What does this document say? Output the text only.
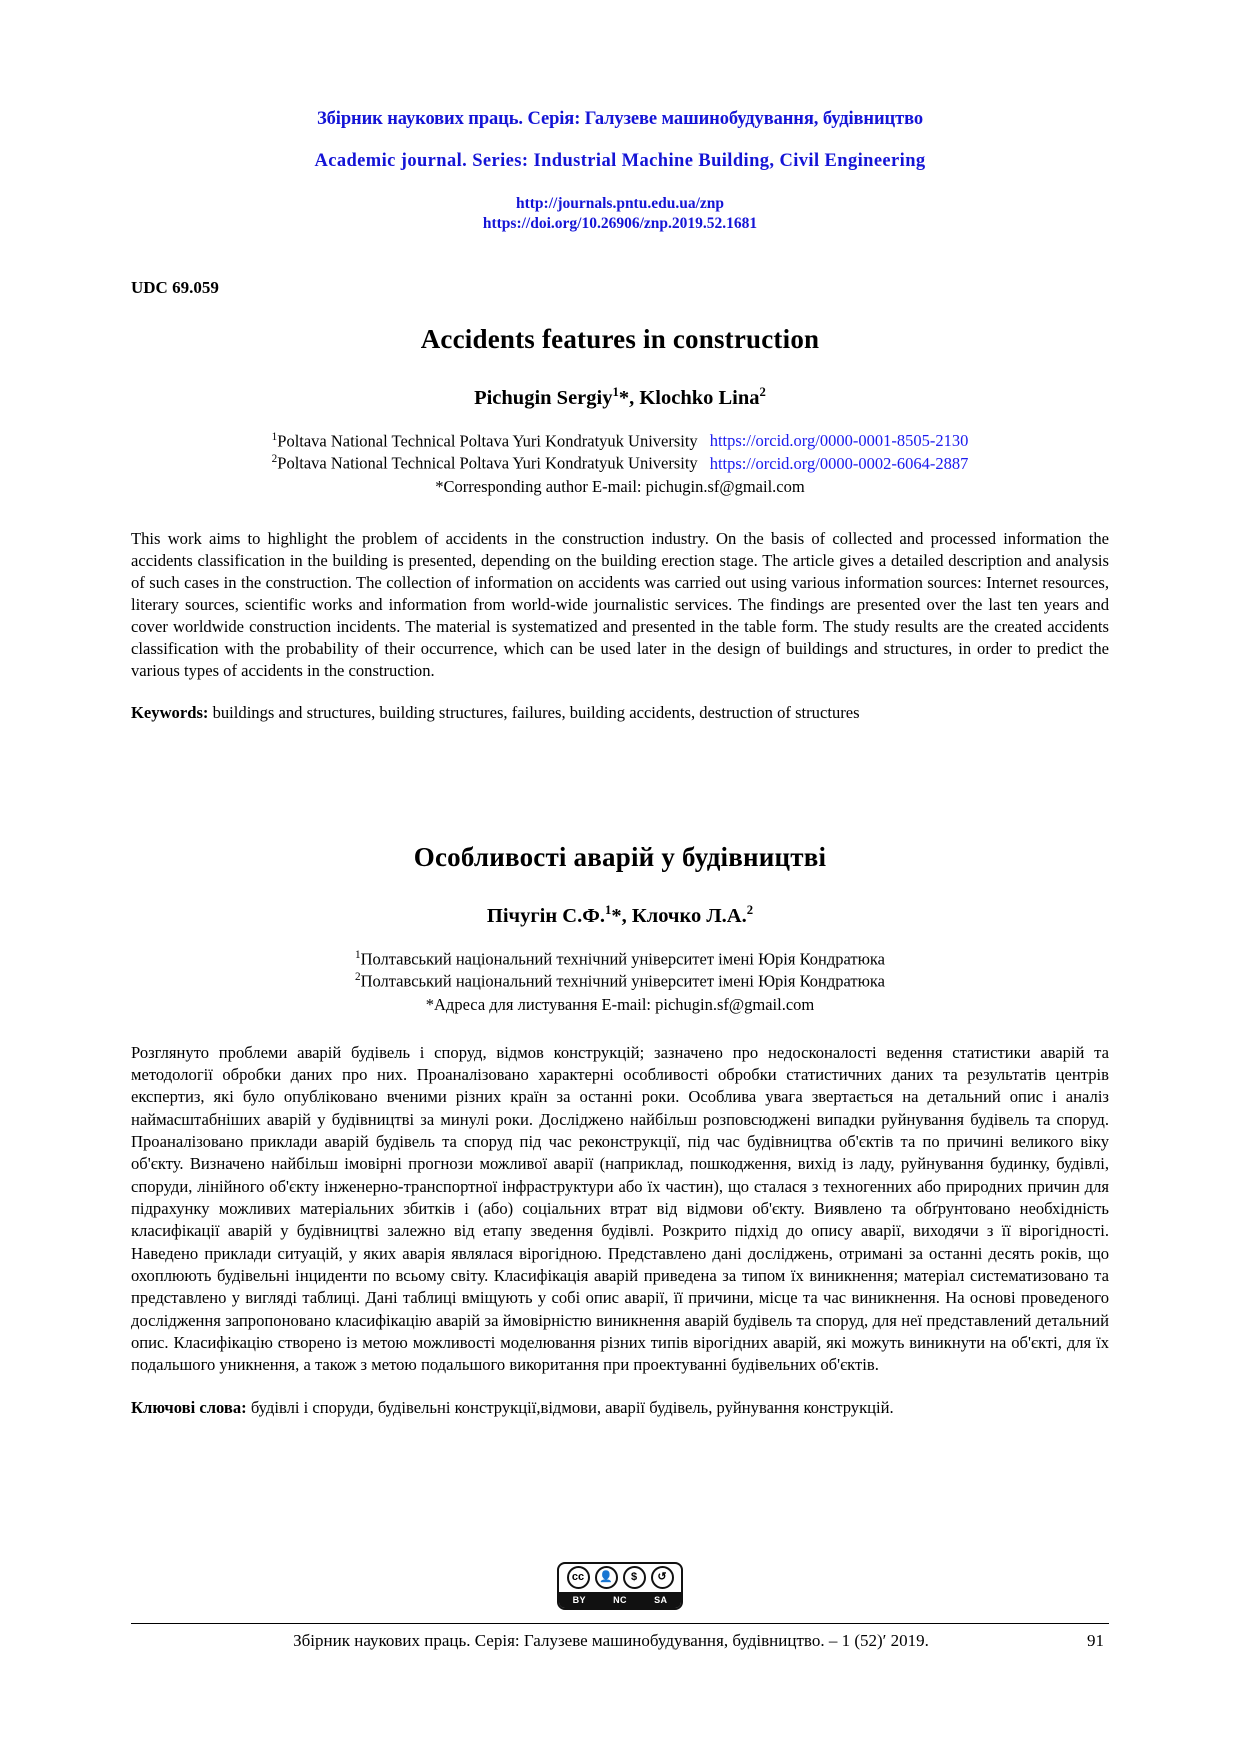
Збірник наукових праць. Серія: Галузеве машинобудування, будівництво
Academic journal. Series: Industrial Machine Building, Civil Engineering
http://journals.pntu.edu.ua/znp
https://doi.org/10.26906/znp.2019.52.1681
UDC 69.059
Accidents features in construction
Pichugin Sergiy$^1$*, Klochko Lina$^2$
$^1$Poltava National Technical Poltava Yuri Kondratyuk University https://orcid.org/0000-0001-8505-2130
$^2$Poltava National Technical Poltava Yuri Kondratyuk University https://orcid.org/0000-0002-6064-2887
*Corresponding author E-mail: pichugin.sf@gmail.com
This work aims to highlight the problem of accidents in the construction industry. On the basis of collected and processed information the accidents classification in the building is presented, depending on the building erection stage. The article gives a detailed description and analysis of such cases in the construction. The collection of information on accidents was carried out using various information sources: Internet resources, literary sources, scientific works and information from world-wide journalistic services. The findings are presented over the last ten years and cover worldwide construction incidents. The material is systematized and presented in the table form. The study results are the created accidents classification with the probability of their occurrence, which can be used later in the design of buildings and structures, in order to predict the various types of accidents in the construction.
Keywords: buildings and structures, building structures, failures, building accidents, destruction of structures
Особливості аварій у будівництві
Пічугін С.Ф.$^1$*, Клочко Л.А.$^2$
$^1$Полтавський національний технічний університет імені Юрія Кондратюка
$^2$Полтавський національний технічний університет імені Юрія Кондратюка
*Адреса для листування E-mail: pichugin.sf@gmail.com
Розглянуто проблеми аварій будівель і споруд, відмов конструкцій; зазначено про недосконалості ведення статистики аварій та методології обробки даних про них. Проаналізовано характерні особливості обробки статистичних даних та результатів центрів експертиз, які було опубліковано вченими різних країн за останні роки. Особлива увага звертається на детальний опис і аналіз наймасштабніших аварій у будівництві за минулі роки. Досліджено найбільш розповсюджені випадки руйнування будівель та споруд. Проаналізовано приклади аварій будівель та споруд під час реконструкції, під час будівництва об'єктів та по причині великого віку об'єкту. Визначено найбільш імовірні прогнози можливої аварії (наприклад, пошкодження, вихід із ладу, руйнування будинку, будівлі, споруди, лінійного об'єкту інженерно-транспортної інфраструктури або їх частин), що сталася з техногенних або природних причин для підрахунку можливих матеріальних збитків і (або) соціальних втрат від відмови об'єкту. Виявлено та обґрунтовано необхідність класифікації аварій у будівництві залежно від етапу зведення будівлі. Розкрито підхід до опису аварії, виходячи з її вірогідності. Наведено приклади ситуацій, у яких аварія являлася вірогідною. Представлено дані досліджень, отримані за останні десять років, що охоплюють будівельні інциденти по всьому світу. Класифікація аварій приведена за типом їх виникнення; матеріал систематизовано та представлено у вигляді таблиці. Дані таблиці вміщують у собі опис аварії, її причини, місце та час виникнення. На основі проведеного дослідження запропоновано класифікацію аварій за ймовірністю виникнення аварій будівель та споруд, для неї представлений детальний опис. Класифікацію створено із метою можливості моделювання різних типів вірогідних аварій, які можуть виникнути на об'єкті, для їх подальшого уникнення, а також з метою подальшого викоритання при проектуванні будівельних об'єктів.
Ключові слова: будівлі і споруди, будівельні конструкції,відмови, аварії будівель, руйнування конструкцій.
cc	👤	$	↺
BY	NC	SA
Збірник наукових праць. Серія: Галузеве машинобудування, будівництво. – 1 (52)′ 2019.	91
